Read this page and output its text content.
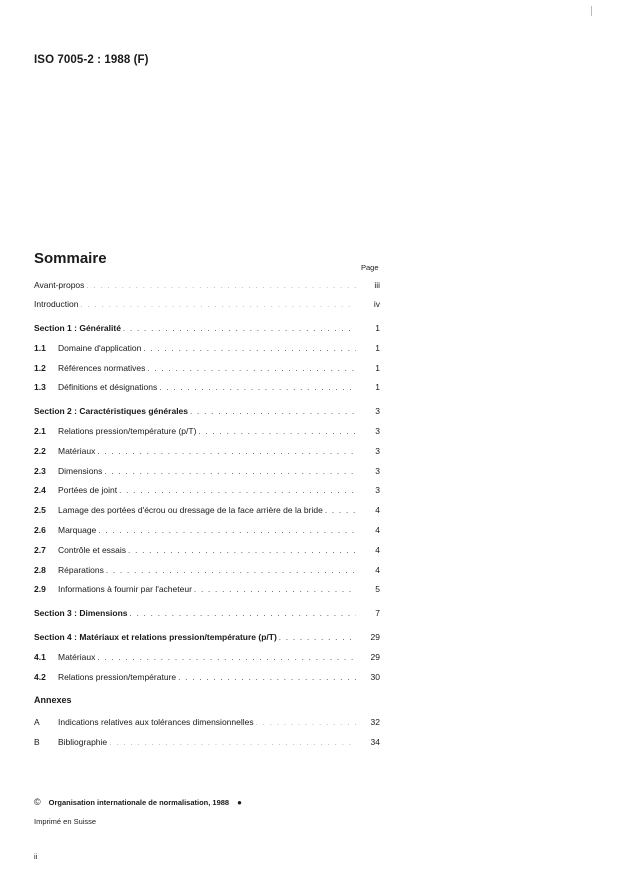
ISO 7005-2 : 1988 (F)
Sommaire
Page
Avant-propos . . .	iii
Introduction . . .	iv
Section 1 : Généralité . . .	1
1.1	Domaine d'application . . .	1
1.2	Références normatives . . .	1
1.3	Définitions et désignations . . .	1
Section 2 : Caractéristiques générales . . .	3
2.1	Relations pression/température (p/T) . . .	3
2.2	Matériaux . . .	3
2.3	Dimensions . . .	3
2.4	Portées de joint . . .	3
2.5	Lamage des portées d'écrou ou dressage de la face arrière de la bride . . .	4
2.6	Marquage . . .	4
2.7	Contrôle et essais . . .	4
2.8	Réparations . . .	4
2.9	Informations à fournir par l'acheteur . . .	5
Section 3 : Dimensions . . .	7
Section 4 : Matériaux et relations pression/température (p/T) . . .	29
4.1	Matériaux . . .	29
4.2	Relations pression/température . . .	30
A	Indications relatives aux tolérances dimensionnelles . . .	32
B	Bibliographie . . .	34
Annexes
© Organisation internationale de normalisation, 1988 ●
Imprimé en Suisse
ii
